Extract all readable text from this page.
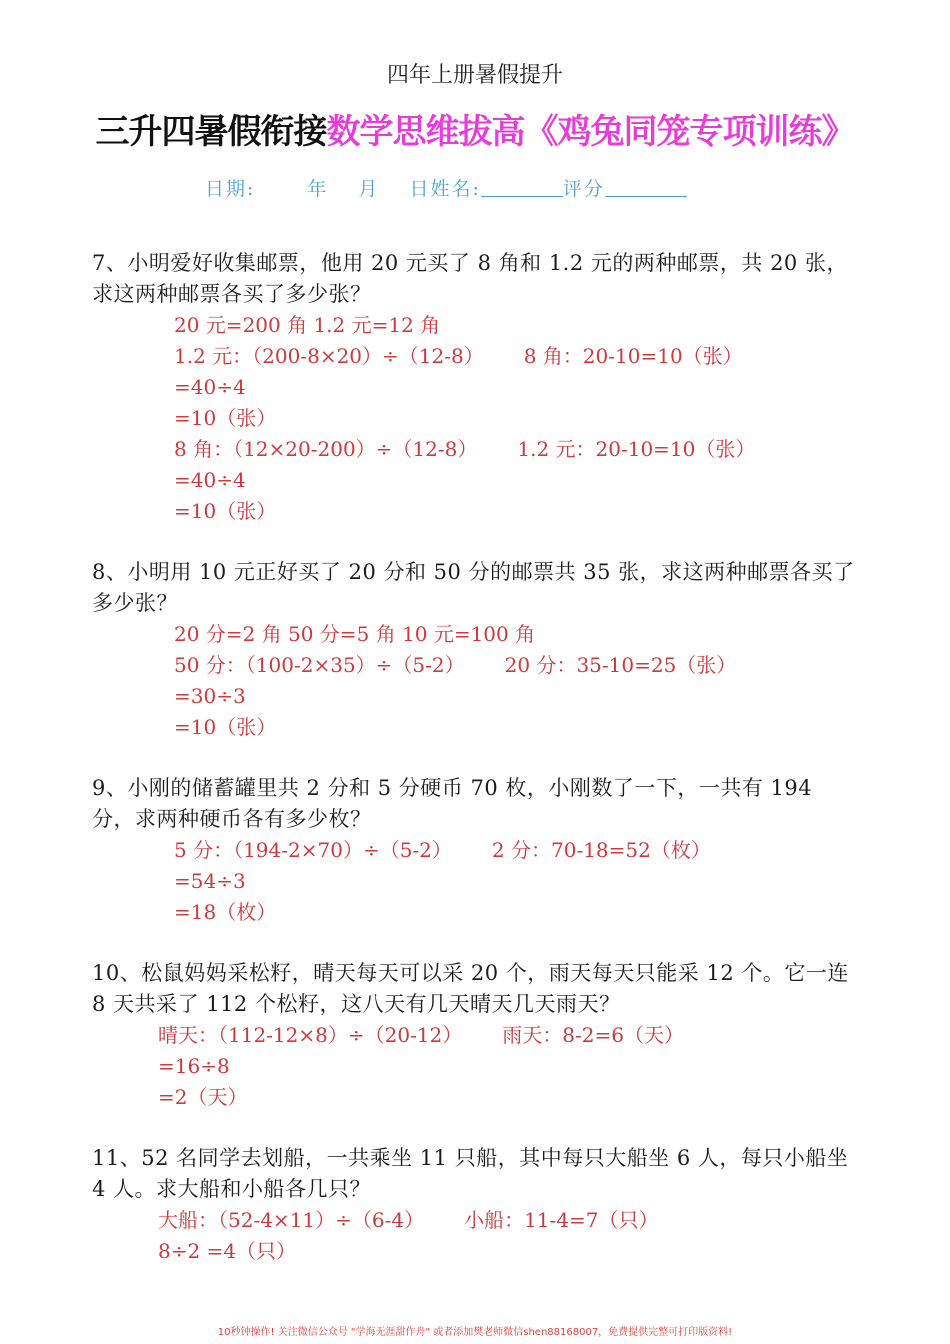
四年上册暑假提升
三升四暑假衔接数学思维拔高《鸡兔同笼专项训练》
日期:	年 月 日姓名:	评分
7、小明爱好收集邮票，他用 20 元买了 8 角和 1.2 元的两种邮票，共 20 张，求这两种邮票各买了多少张？
20 元=200 角 1.2 元=12 角
1.2 元：（200-8×20）÷（12-8） 8 角：20-10=10（张）
=40÷4
=10（张）
8 角：（12×20-200）÷（12-8） 1.2 元：20-10=10（张）
=40÷4
=10（张）
8、小明用 10 元正好买了 20 分和 50 分的邮票共 35 张，求这两种邮票各买了多少张？
20 分=2 角 50 分=5 角 10 元=100 角
50 分：（100-2×35）÷（5-2） 20 分：35-10=25（张）
=30÷3
=10（张）
9、小刚的储蓄罐里共 2 分和 5 分硬币 70 枚，小刚数了一下，一共有 194 分，求两种硬币各有多少枚？
5 分：（194-2×70）÷（5-2） 2 分：70-18=52（枚）
=54÷3
=18（枚）
10、松鼠妈妈采松籽，晴天每天可以采 20 个，雨天每天只能采 12 个。它一连 8 天共采了 112 个松籽，这八天有几天晴天几天雨天？
晴天：（112-12×8）÷（20-12） 雨天：8-2=6（天）
=16÷8
=2（天）
11、52 名同学去划船，一共乘坐 11 只船，其中每只大船坐 6 人，每只小船坐 4 人。求大船和小船各几只？
大船：（52-4×11）÷（6-4） 小船：11-4=7（只）
8÷2 =4（只）
10秒钟操作! 关注微信公众号 "学海无涯甜作舟" 或者添加樊老师微信shen88168007，免费提供完整可打印版资料!
